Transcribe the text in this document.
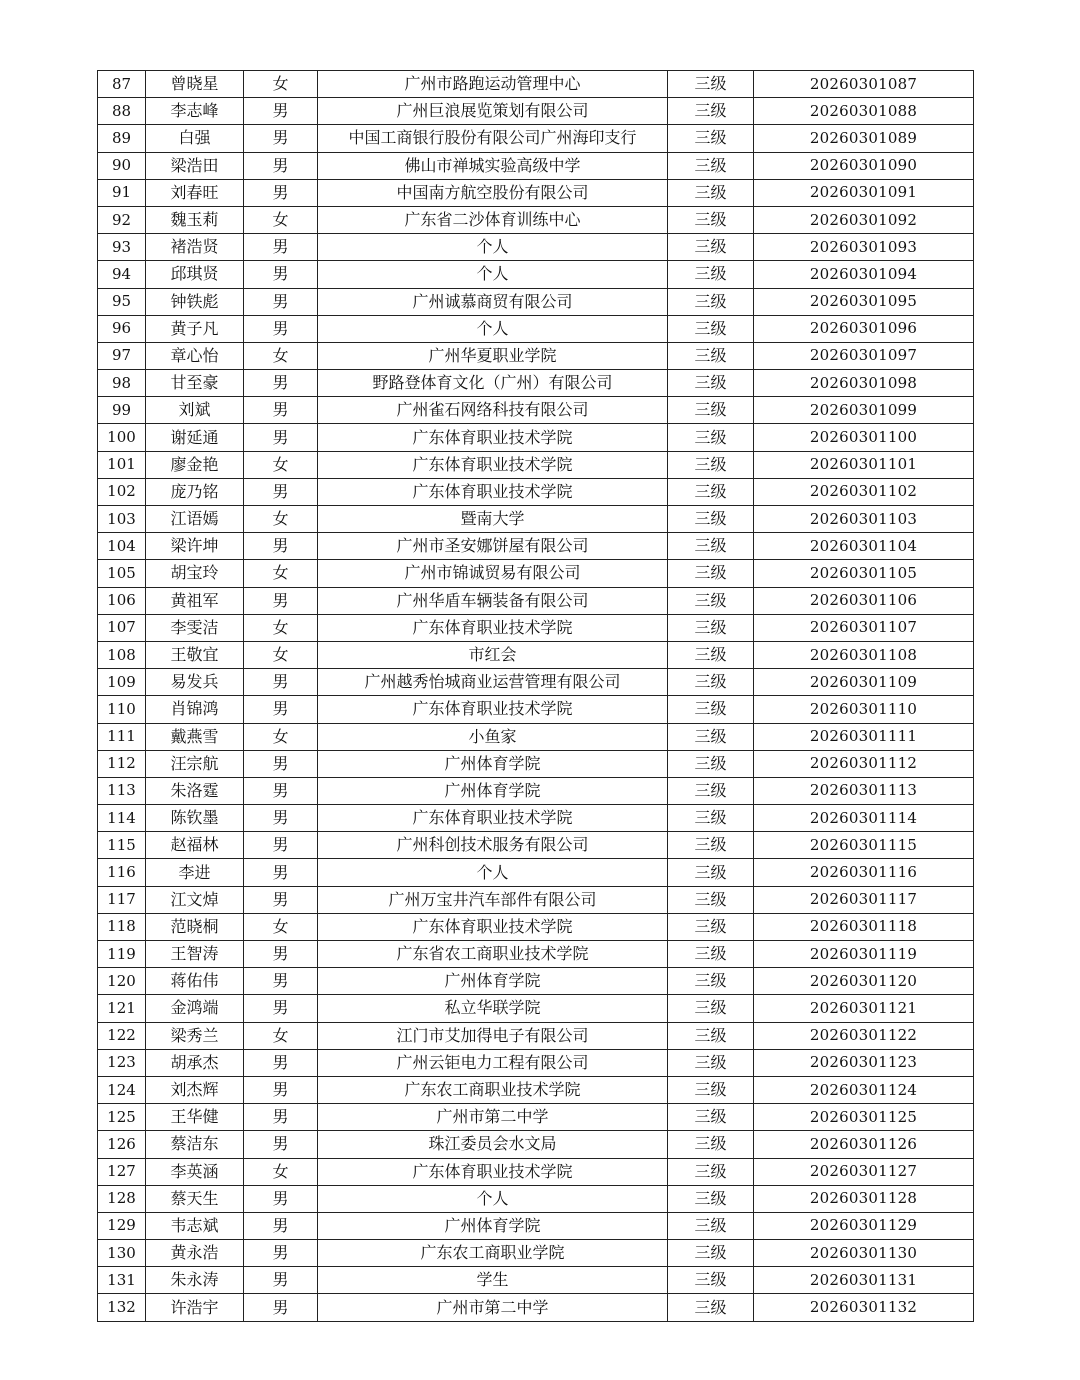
87	曾晓星	女	广州市路跑运动管理中心	三级	20260301087
88	李志峰	男	广州巨浪展览策划有限公司	三级	20260301088
89	白强	男	中国工商银行股份有限公司广州海印支行	三级	20260301089
90	梁浩田	男	佛山市禅城实验高级中学	三级	20260301090
91	刘春旺	男	中国南方航空股份有限公司	三级	20260301091
92	魏玉莉	女	广东省二沙体育训练中心	三级	20260301092
93	褚浩贤	男	个人	三级	20260301093
94	邱琪贤	男	个人	三级	20260301094
95	钟铁彪	男	广州诚慕商贸有限公司	三级	20260301095
96	黄子凡	男	个人	三级	20260301096
97	章心怡	女	广州华夏职业学院	三级	20260301097
98	甘至豪	男	野路登体育文化（广州）有限公司	三级	20260301098
99	刘斌	男	广州雀石网络科技有限公司	三级	20260301099
100	谢延通	男	广东体育职业技术学院	三级	20260301100
101	廖金艳	女	广东体育职业技术学院	三级	20260301101
102	庞乃铭	男	广东体育职业技术学院	三级	20260301102
103	江语嫣	女	暨南大学	三级	20260301103
104	梁许坤	男	广州市圣安娜饼屋有限公司	三级	20260301104
105	胡宝玲	女	广州市锦诚贸易有限公司	三级	20260301105
106	黄祖军	男	广州华盾车辆装备有限公司	三级	20260301106
107	李雯洁	女	广东体育职业技术学院	三级	20260301107
108	王敬宜	女	市红会	三级	20260301108
109	易发兵	男	广州越秀怡城商业运营管理有限公司	三级	20260301109
110	肖锦鸿	男	广东体育职业技术学院	三级	20260301110
111	戴燕雪	女	小鱼家	三级	20260301111
112	汪宗航	男	广州体育学院	三级	20260301112
113	朱洛霆	男	广州体育学院	三级	20260301113
114	陈钦墨	男	广东体育职业技术学院	三级	20260301114
115	赵福林	男	广州科创技术服务有限公司	三级	20260301115
116	李进	男	个人	三级	20260301116
117	江文焯	男	广州万宝井汽车部件有限公司	三级	20260301117
118	范晓桐	女	广东体育职业技术学院	三级	20260301118
119	王智涛	男	广东省农工商职业技术学院	三级	20260301119
120	蒋佑伟	男	广州体育学院	三级	20260301120
121	金鸿端	男	私立华联学院	三级	20260301121
122	梁秀兰	女	江门市艾加得电子有限公司	三级	20260301122
123	胡承杰	男	广州云钜电力工程有限公司	三级	20260301123
124	刘杰辉	男	广东农工商职业技术学院	三级	20260301124
125	王华健	男	广州市第二中学	三级	20260301125
126	蔡洁东	男	珠江委员会水文局	三级	20260301126
127	李英涵	女	广东体育职业技术学院	三级	20260301127
128	蔡天生	男	个人	三级	20260301128
129	韦志斌	男	广州体育学院	三级	20260301129
130	黄永浩	男	广东农工商职业学院	三级	20260301130
131	朱永涛	男	学生	三级	20260301131
132	许浩宇	男	广州市第二中学	三级	20260301132
